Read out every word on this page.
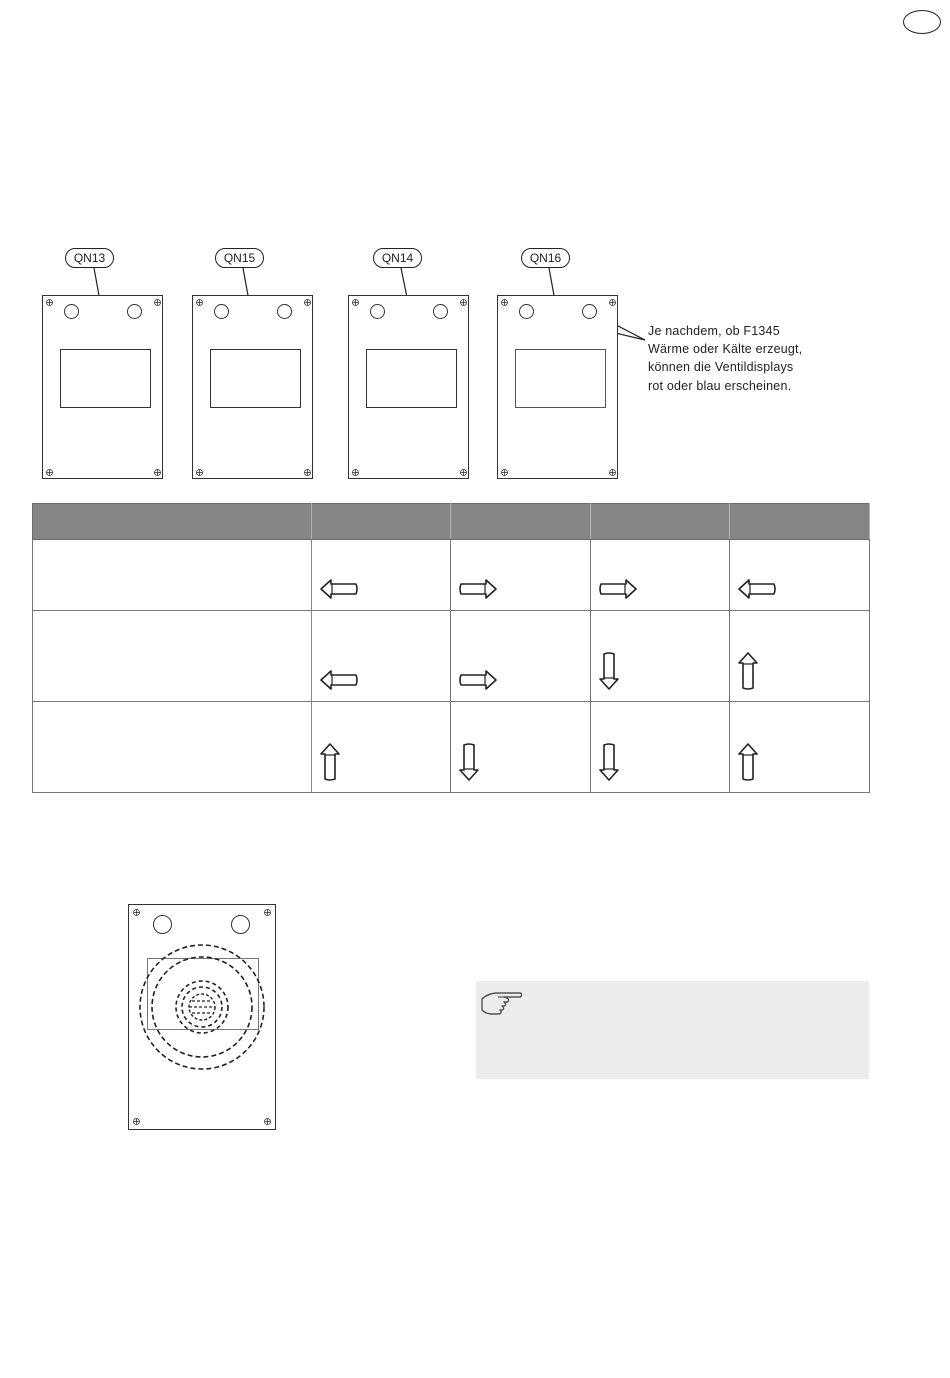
QN13	QN15	QN14	QN16
Je nachdem, ob F1345 Wärme oder Kälte erzeugt, können die Ventildisplays rot oder blau erscheinen.
